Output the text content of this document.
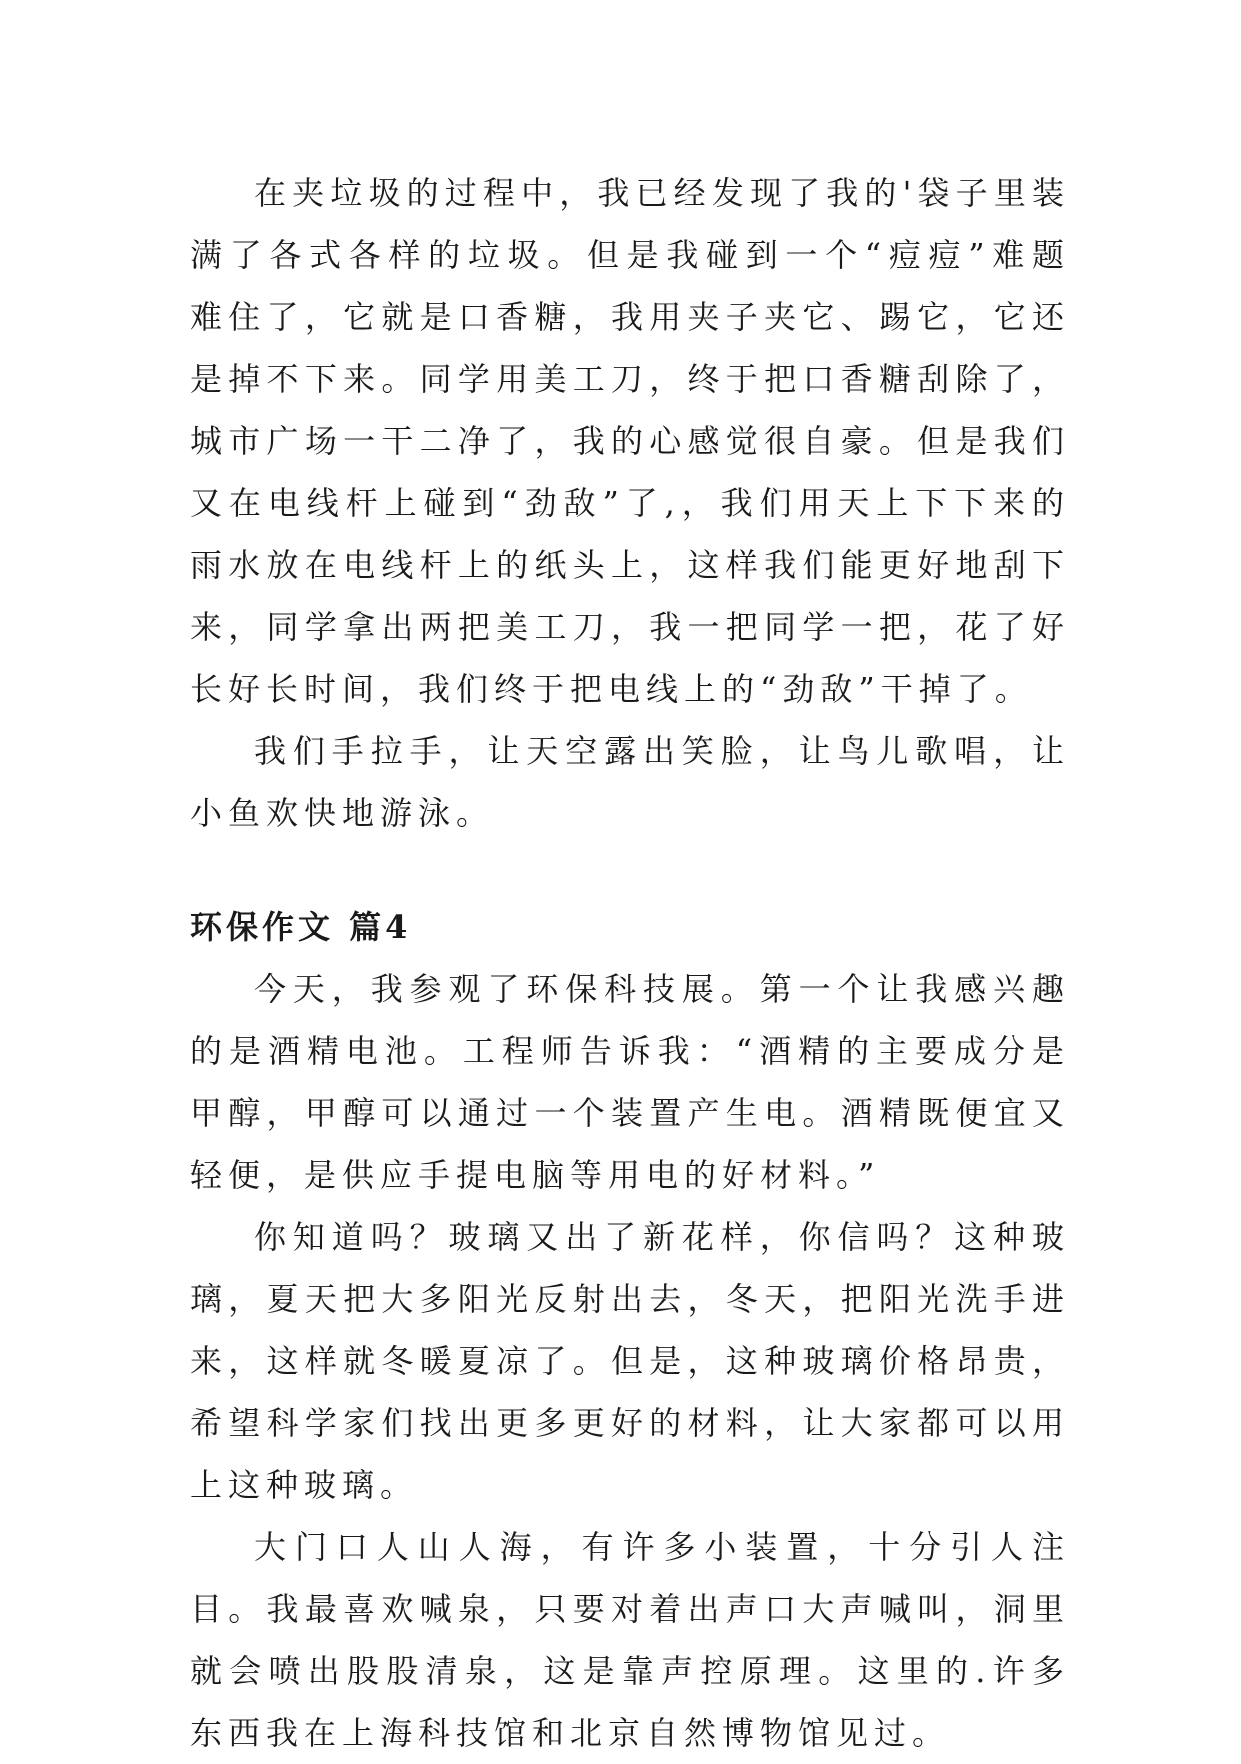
在夹垃圾的过程中，我已经发现了我的'袋子里装满了各式各样的垃圾。但是我碰到一个“痘痘”难题难住了，它就是口香糖，我用夹子夹它、踢它，它还是掉不下来。同学用美工刀，终于把口香糖刮除了，城市广场一干二净了，我的心感觉很自豪。但是我们又在电线杆上碰到“劲敌”了,，我们用天上下下来的雨水放在电线杆上的纸头上，这样我们能更好地刮下来，同学拿出两把美工刀，我一把同学一把，花了好长好长时间，我们终于把电线上的“劲敌”干掉了。

我们手拉手，让天空露出笑脸，让鸟儿歌唱，让小鱼欢快地游泳。

环保作文 篇4

今天，我参观了环保科技展。第一个让我感兴趣的是酒精电池。工程师告诉我：“酒精的主要成分是甲醇，甲醇可以通过一个装置产生电。酒精既便宜又轻便，是供应手提电脑等用电的好材料。”

你知道吗？玻璃又出了新花样，你信吗？这种玻璃，夏天把大多阳光反射出去，冬天，把阳光洗手进来，这样就冬暖夏凉了。但是，这种玻璃价格昂贵，希望科学家们找出更多更好的材料，让大家都可以用上这种玻璃。

大门口人山人海，有许多小装置，十分引人注目。我最喜欢喊泉，只要对着出声口大声喊叫，洞里就会喷出股股清泉，这是靠声控原理。这里的.许多东西我在上海科技馆和北京自然博物馆见过。
